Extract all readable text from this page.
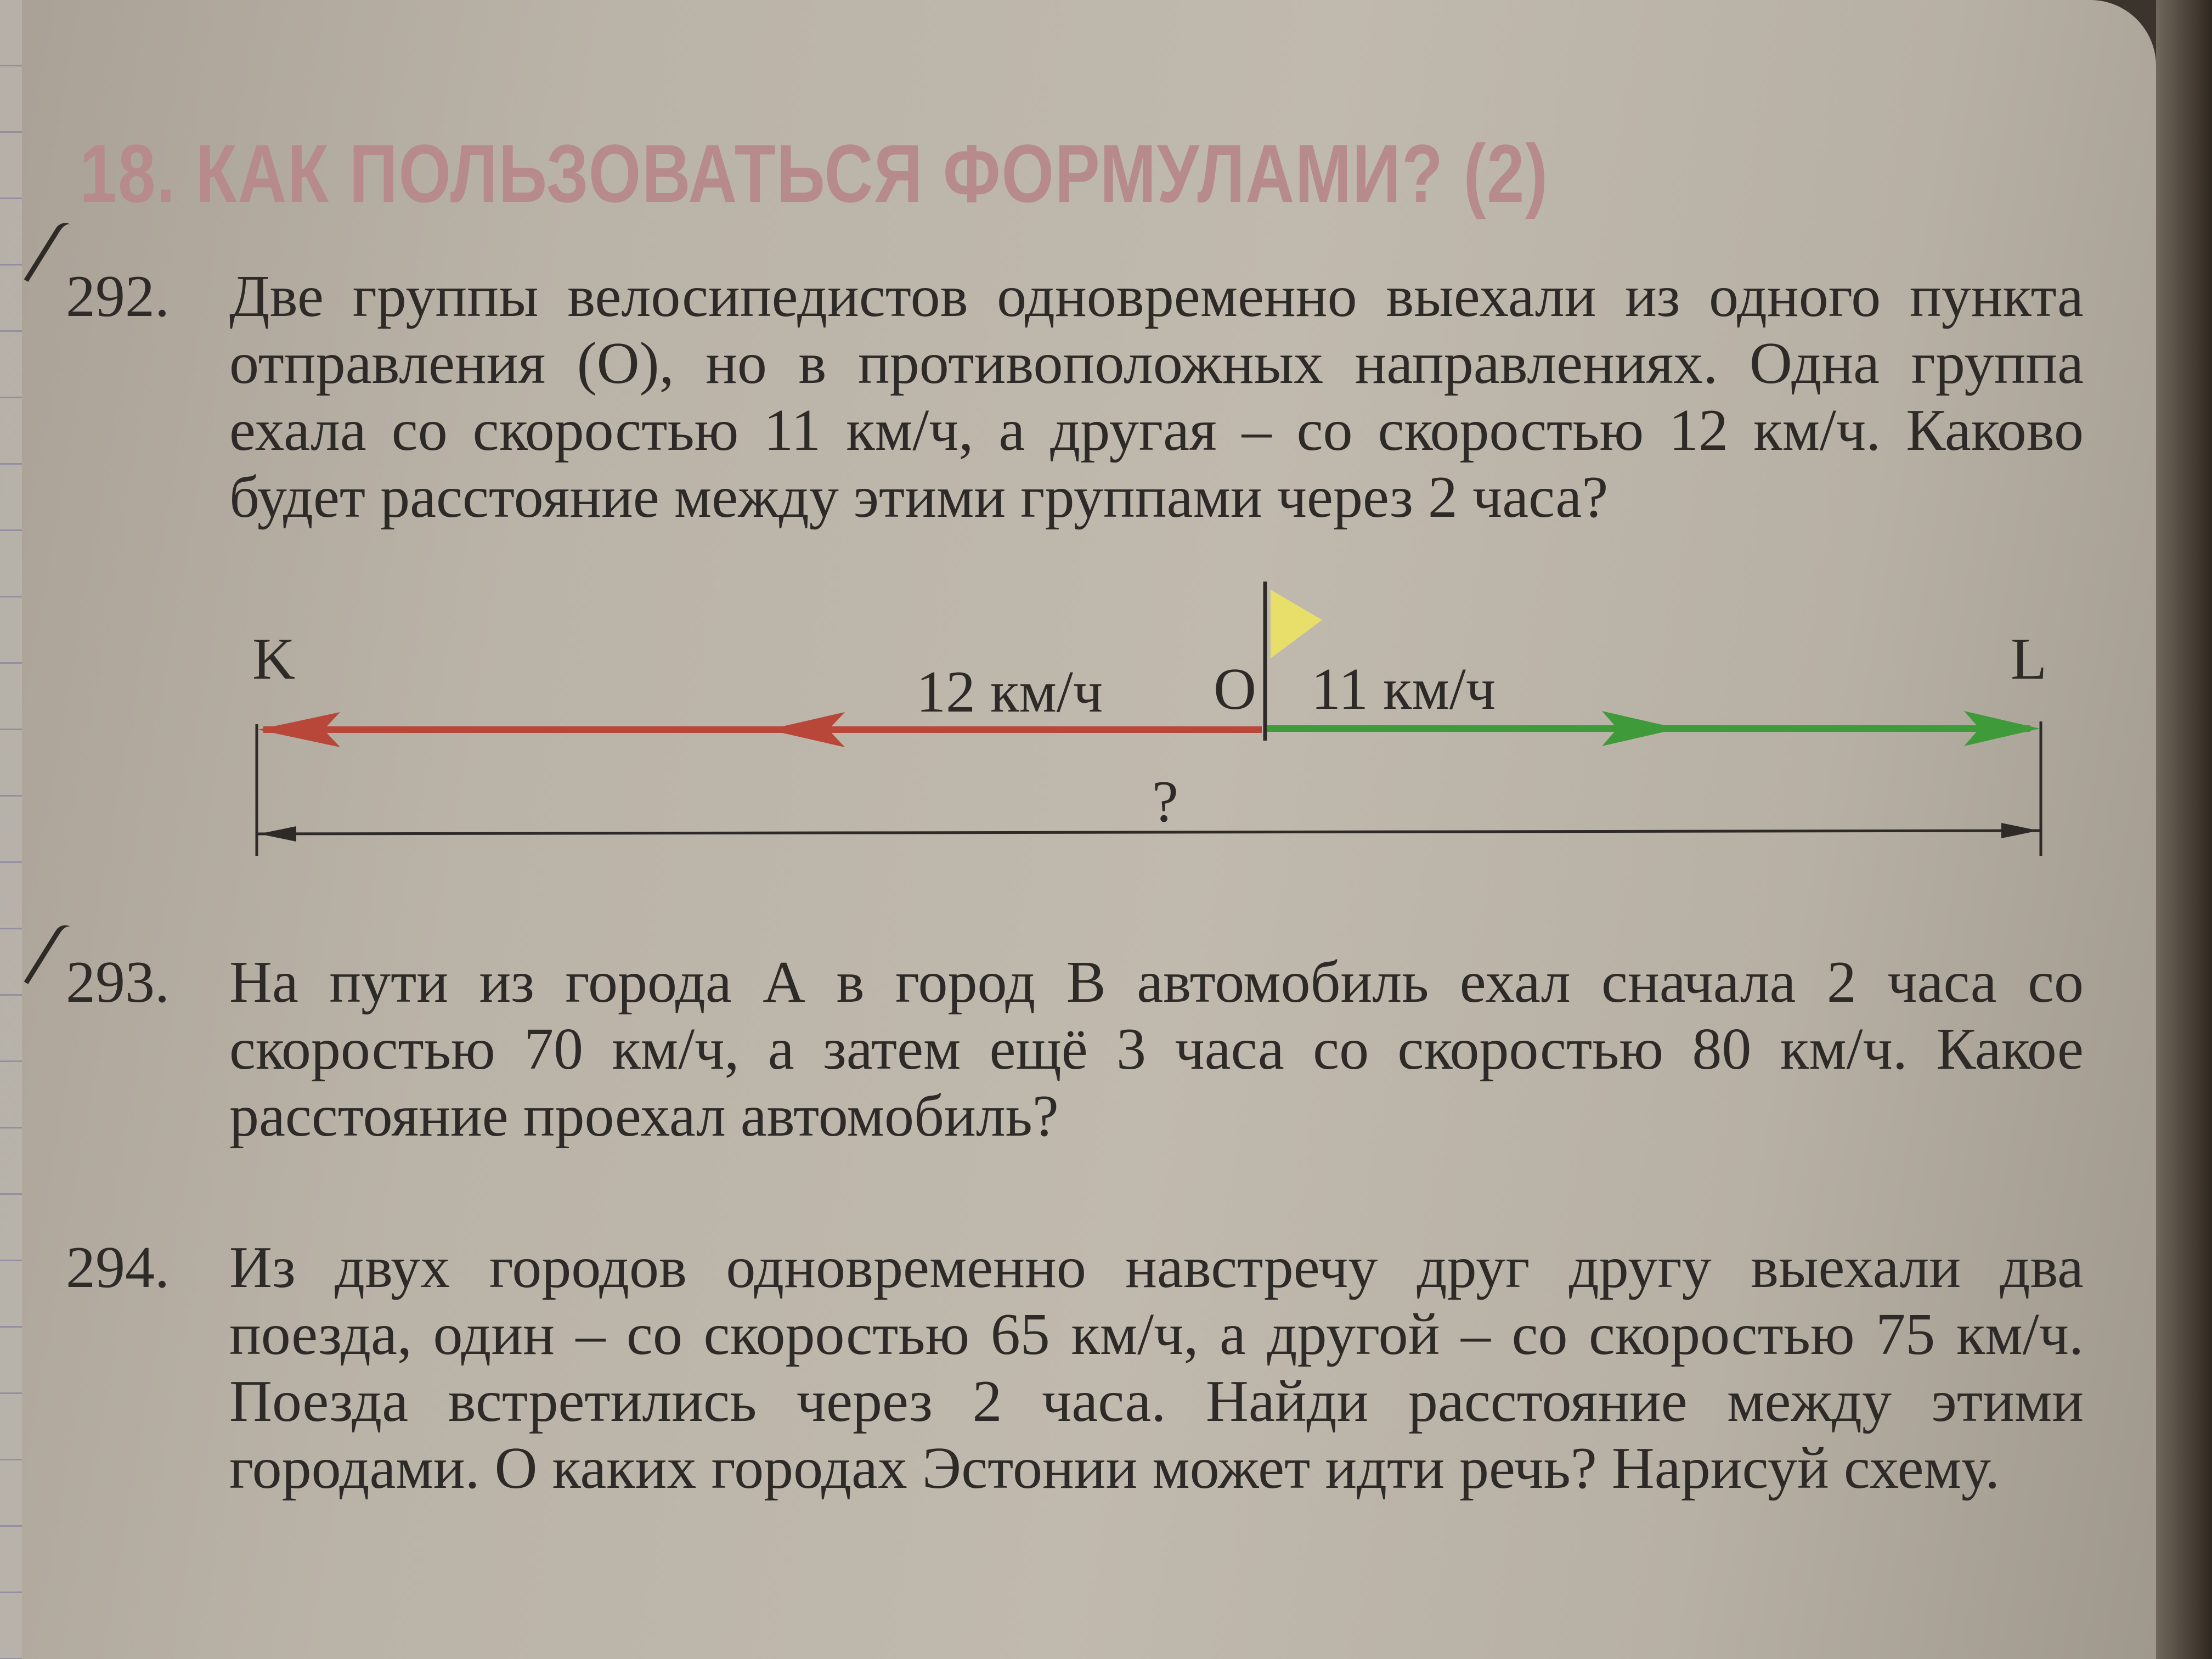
18. КАК ПОЛЬЗОВАТЬСЯ ФОРМУЛАМИ? (2)
292. Две группы велосипедистов одновременно выехали из одного пункта отправления (О), но в противоположных направлениях. Одна группа ехала со скоростью 11 км/ч, а другая – со скоростью 12 км/ч. Каково будет расстояние между этими группами через 2 часа?
K	L
O
12 км/ч	11 км/ч
?
293. На пути из города А в город В автомобиль ехал сначала 2 часа со скоростью 70 км/ч, а затем ещё 3 часа со скоростью 80 км/ч. Какое расстояние проехал автомобиль?
294. Из двух городов одновременно навстречу друг другу выехали два поезда, один – со скоростью 65 км/ч, а другой – со скоростью 75 км/ч. Поезда встретились через 2 часа. Найди расстояние между этими городами. О каких городах Эстонии может идти речь? Нарисуй схему.
